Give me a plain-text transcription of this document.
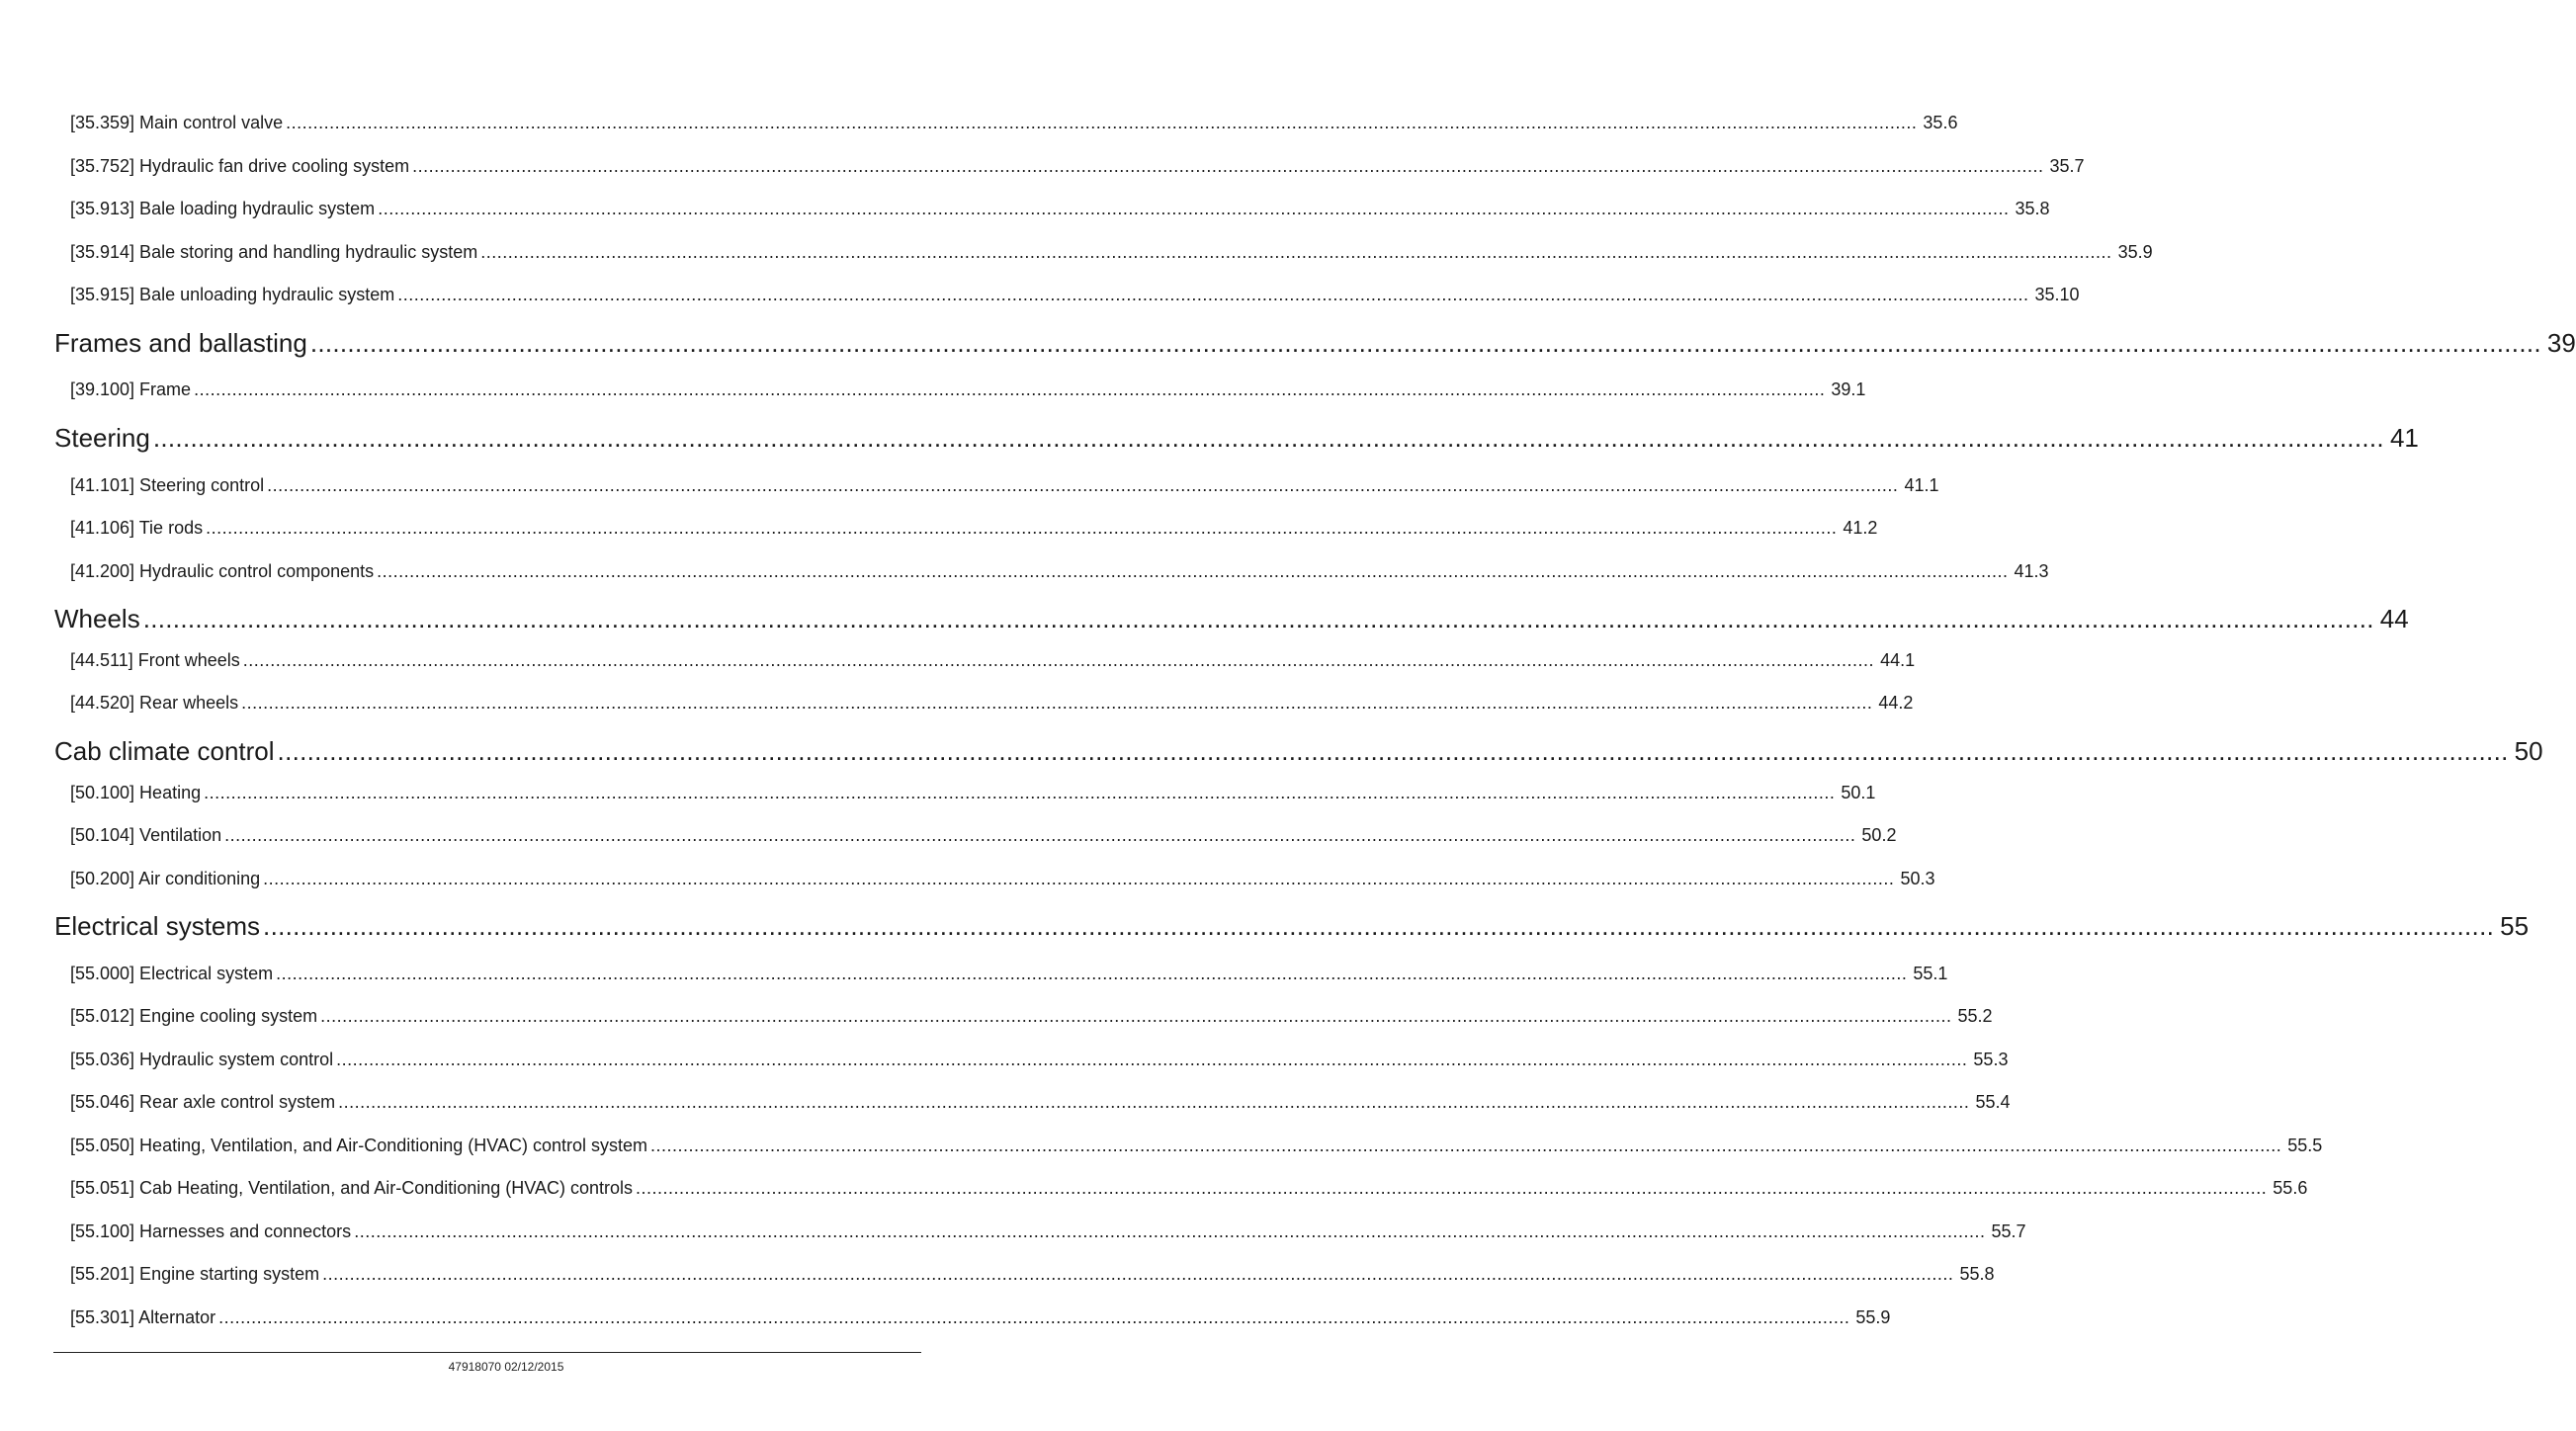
[35.359] Main control valve ............................................................................................................................................................................................................................................................................................................ 35.6
[35.752] Hydraulic fan drive cooling system ............................................................................................................................................................................................................................................................................................................ 35.7
[35.913] Bale loading hydraulic system ............................................................................................................................................................................................................................................................................................................ 35.8
[35.914] Bale storing and handling hydraulic system ............................................................................................................................................................................................................................................................................................................ 35.9
[35.915] Bale unloading hydraulic system ............................................................................................................................................................................................................................................................................................................ 35.10
Frames and ballasting ............................................................................................................................................................................................................................................................................................................ 39
[39.100] Frame ............................................................................................................................................................................................................................................................................................................ 39.1
Steering ............................................................................................................................................................................................................................................................................................................ 41
[41.101] Steering control ............................................................................................................................................................................................................................................................................................................ 41.1
[41.106] Tie rods ............................................................................................................................................................................................................................................................................................................ 41.2
[41.200] Hydraulic control components ............................................................................................................................................................................................................................................................................................................ 41.3
Wheels ............................................................................................................................................................................................................................................................................................................ 44
[44.511] Front wheels ............................................................................................................................................................................................................................................................................................................ 44.1
[44.520] Rear wheels ............................................................................................................................................................................................................................................................................................................ 44.2
Cab climate control ............................................................................................................................................................................................................................................................................................................ 50
[50.100] Heating ............................................................................................................................................................................................................................................................................................................ 50.1
[50.104] Ventilation ............................................................................................................................................................................................................................................................................................................ 50.2
[50.200] Air conditioning ............................................................................................................................................................................................................................................................................................................ 50.3
Electrical systems ............................................................................................................................................................................................................................................................................................................ 55
[55.000] Electrical system ............................................................................................................................................................................................................................................................................................................ 55.1
[55.012] Engine cooling system ............................................................................................................................................................................................................................................................................................................ 55.2
[55.036] Hydraulic system control ............................................................................................................................................................................................................................................................................................................ 55.3
[55.046] Rear axle control system ............................................................................................................................................................................................................................................................................................................ 55.4
[55.050] Heating, Ventilation, and Air-Conditioning (HVAC) control system ............................................................................................................................................................................................................................................................................................................ 55.5
[55.051] Cab Heating, Ventilation, and Air-Conditioning (HVAC) controls ............................................................................................................................................................................................................................................................................................................ 55.6
[55.100] Harnesses and connectors ............................................................................................................................................................................................................................................................................................................ 55.7
[55.201] Engine starting system ............................................................................................................................................................................................................................................................................................................ 55.8
[55.301] Alternator ............................................................................................................................................................................................................................................................................................................ 55.9
47918070 02/12/2015
